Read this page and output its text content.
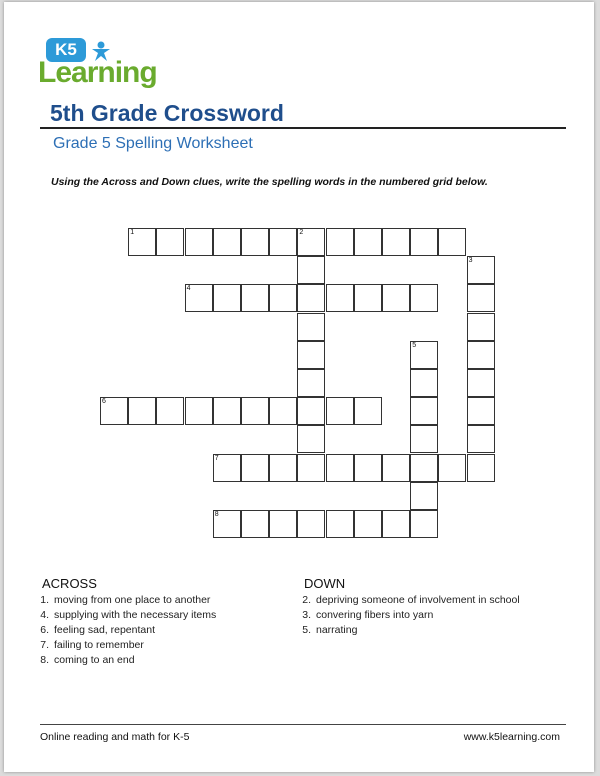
K5
Learning
5th Grade Crossword
Grade 5 Spelling Worksheet
Using the Across and Down clues, write the spelling words in the numbered grid below.
1	2
3
4
5
6
7
8
ACROSS
1. moving from one place to another
4. supplying with the necessary items
6. feeling sad, repentant
7. failing to remember
8. coming to an end
DOWN
2. depriving someone of involvement in school
3. convering fibers into yarn
5. narrating
Online reading and math for K-5	www.k5learning.com
